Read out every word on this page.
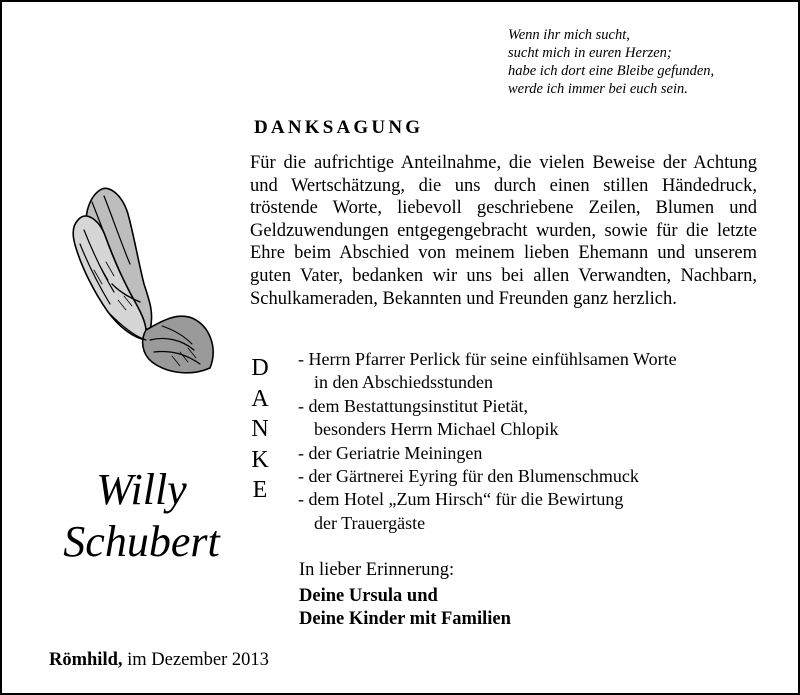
Wenn ihr mich sucht,
sucht mich in euren Herzen;
habe ich dort eine Bleibe gefunden,
werde ich immer bei euch sein.
DANKSAGUNG
Für die aufrichtige Anteilnahme, die vielen Beweise der Achtung und Wertschätzung, die uns durch einen stillen Händedruck, tröstende Worte, liebevoll geschriebene Zeilen, Blumen und Geldzuwendungen entgegengebracht wurden, sowie für die letzte Ehre beim Abschied von meinem lieben Ehemann und unserem guten Vater, bedanken wir uns bei allen Verwandten, Nachbarn, Schulkameraden, Bekannten und Freunden ganz herzlich.
D
A
N
K
E
- Herrn Pfarrer Perlick für seine einfühlsamen Worte
in den Abschiedsstunden
- dem Bestattungsinstitut Pietät,
besonders Herrn Michael Chlopik
- der Geriatrie Meiningen
- der Gärtnerei Eyring für den Blumenschmuck
- dem Hotel „Zum Hirsch“ für die Bewirtung
der Trauergäste
Willy
Schubert
In lieber Erinnerung:
Deine Ursula und
Deine Kinder mit Familien
Römhild, im Dezember 2013
